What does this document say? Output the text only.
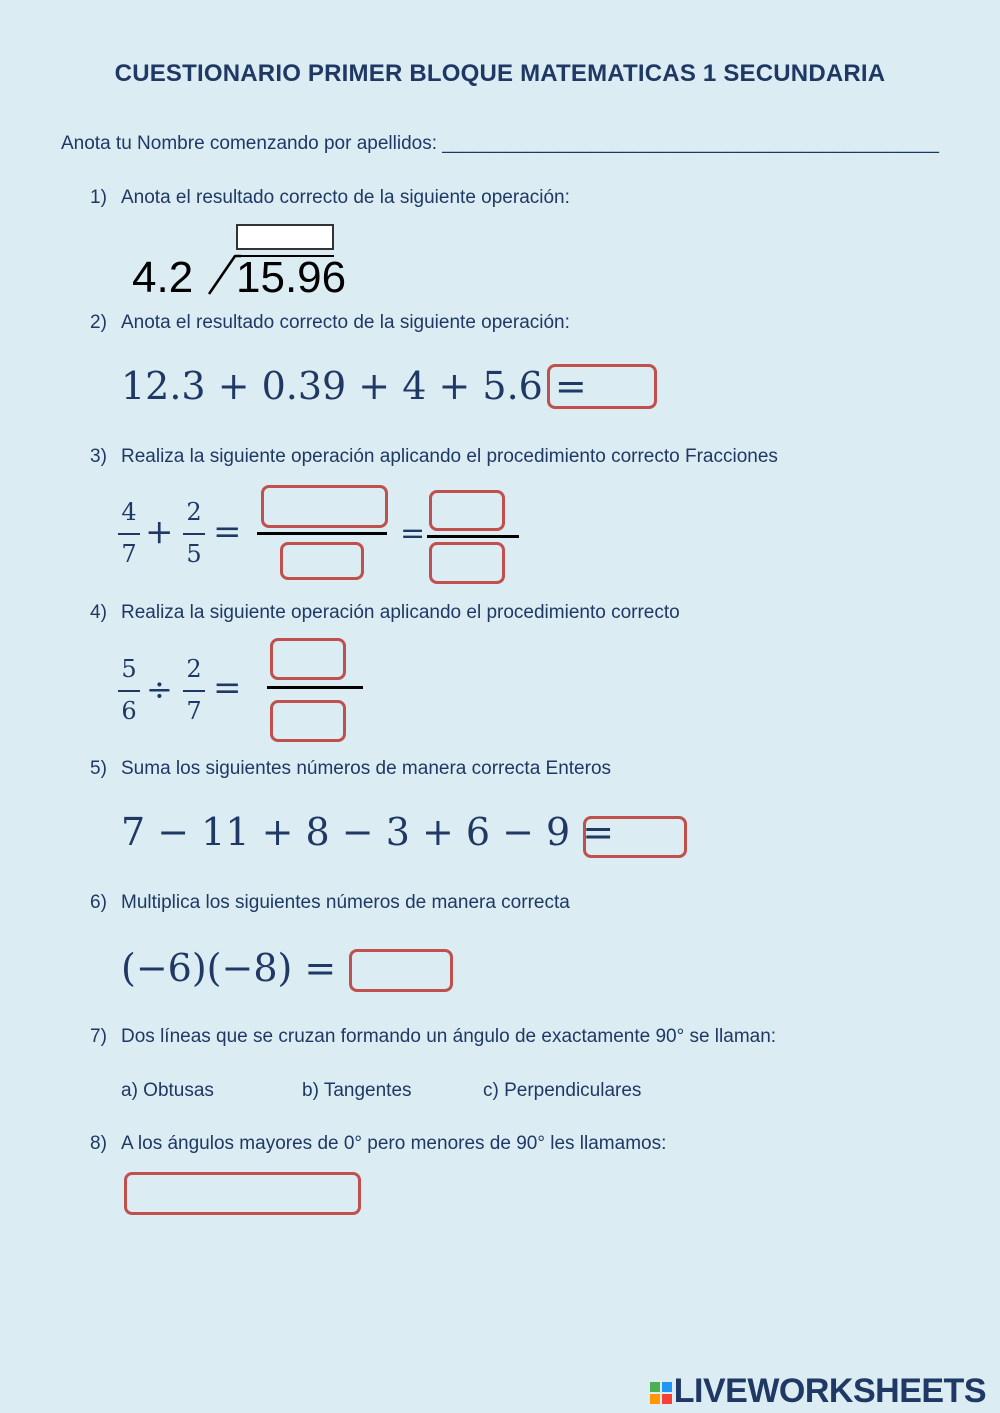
CUESTIONARIO PRIMER BLOQUE MATEMATICAS 1 SECUNDARIA
Anota tu Nombre comenzando por apellidos: _______________________________________________
1) Anota el resultado correcto de la siguiente operación:
4.2 15.96
2) Anota el resultado correcto de la siguiente operación:
12.3 + 0.39 + 4 + 5.6 =
3) Realiza la siguiente operación aplicando el procedimiento correcto Fracciones
4
7
+ 2
5
=	=
4) Realiza la siguiente operación aplicando el procedimiento correcto
5
6
÷
2
7
=
5) Suma los siguientes números de manera correcta Enteros
7 − 11 + 8 − 3 + 6 − 9 =
6) Multiplica los siguientes números de manera correcta
(−6)(−8) =
7) Dos líneas que se cruzan formando un ángulo de exactamente 90° se llaman:
a) Obtusas	b) Tangentes	c) Perpendiculares
8) A los ángulos mayores de 0° pero menores de 90° les llamamos:
LIVEWORKSHEETS
